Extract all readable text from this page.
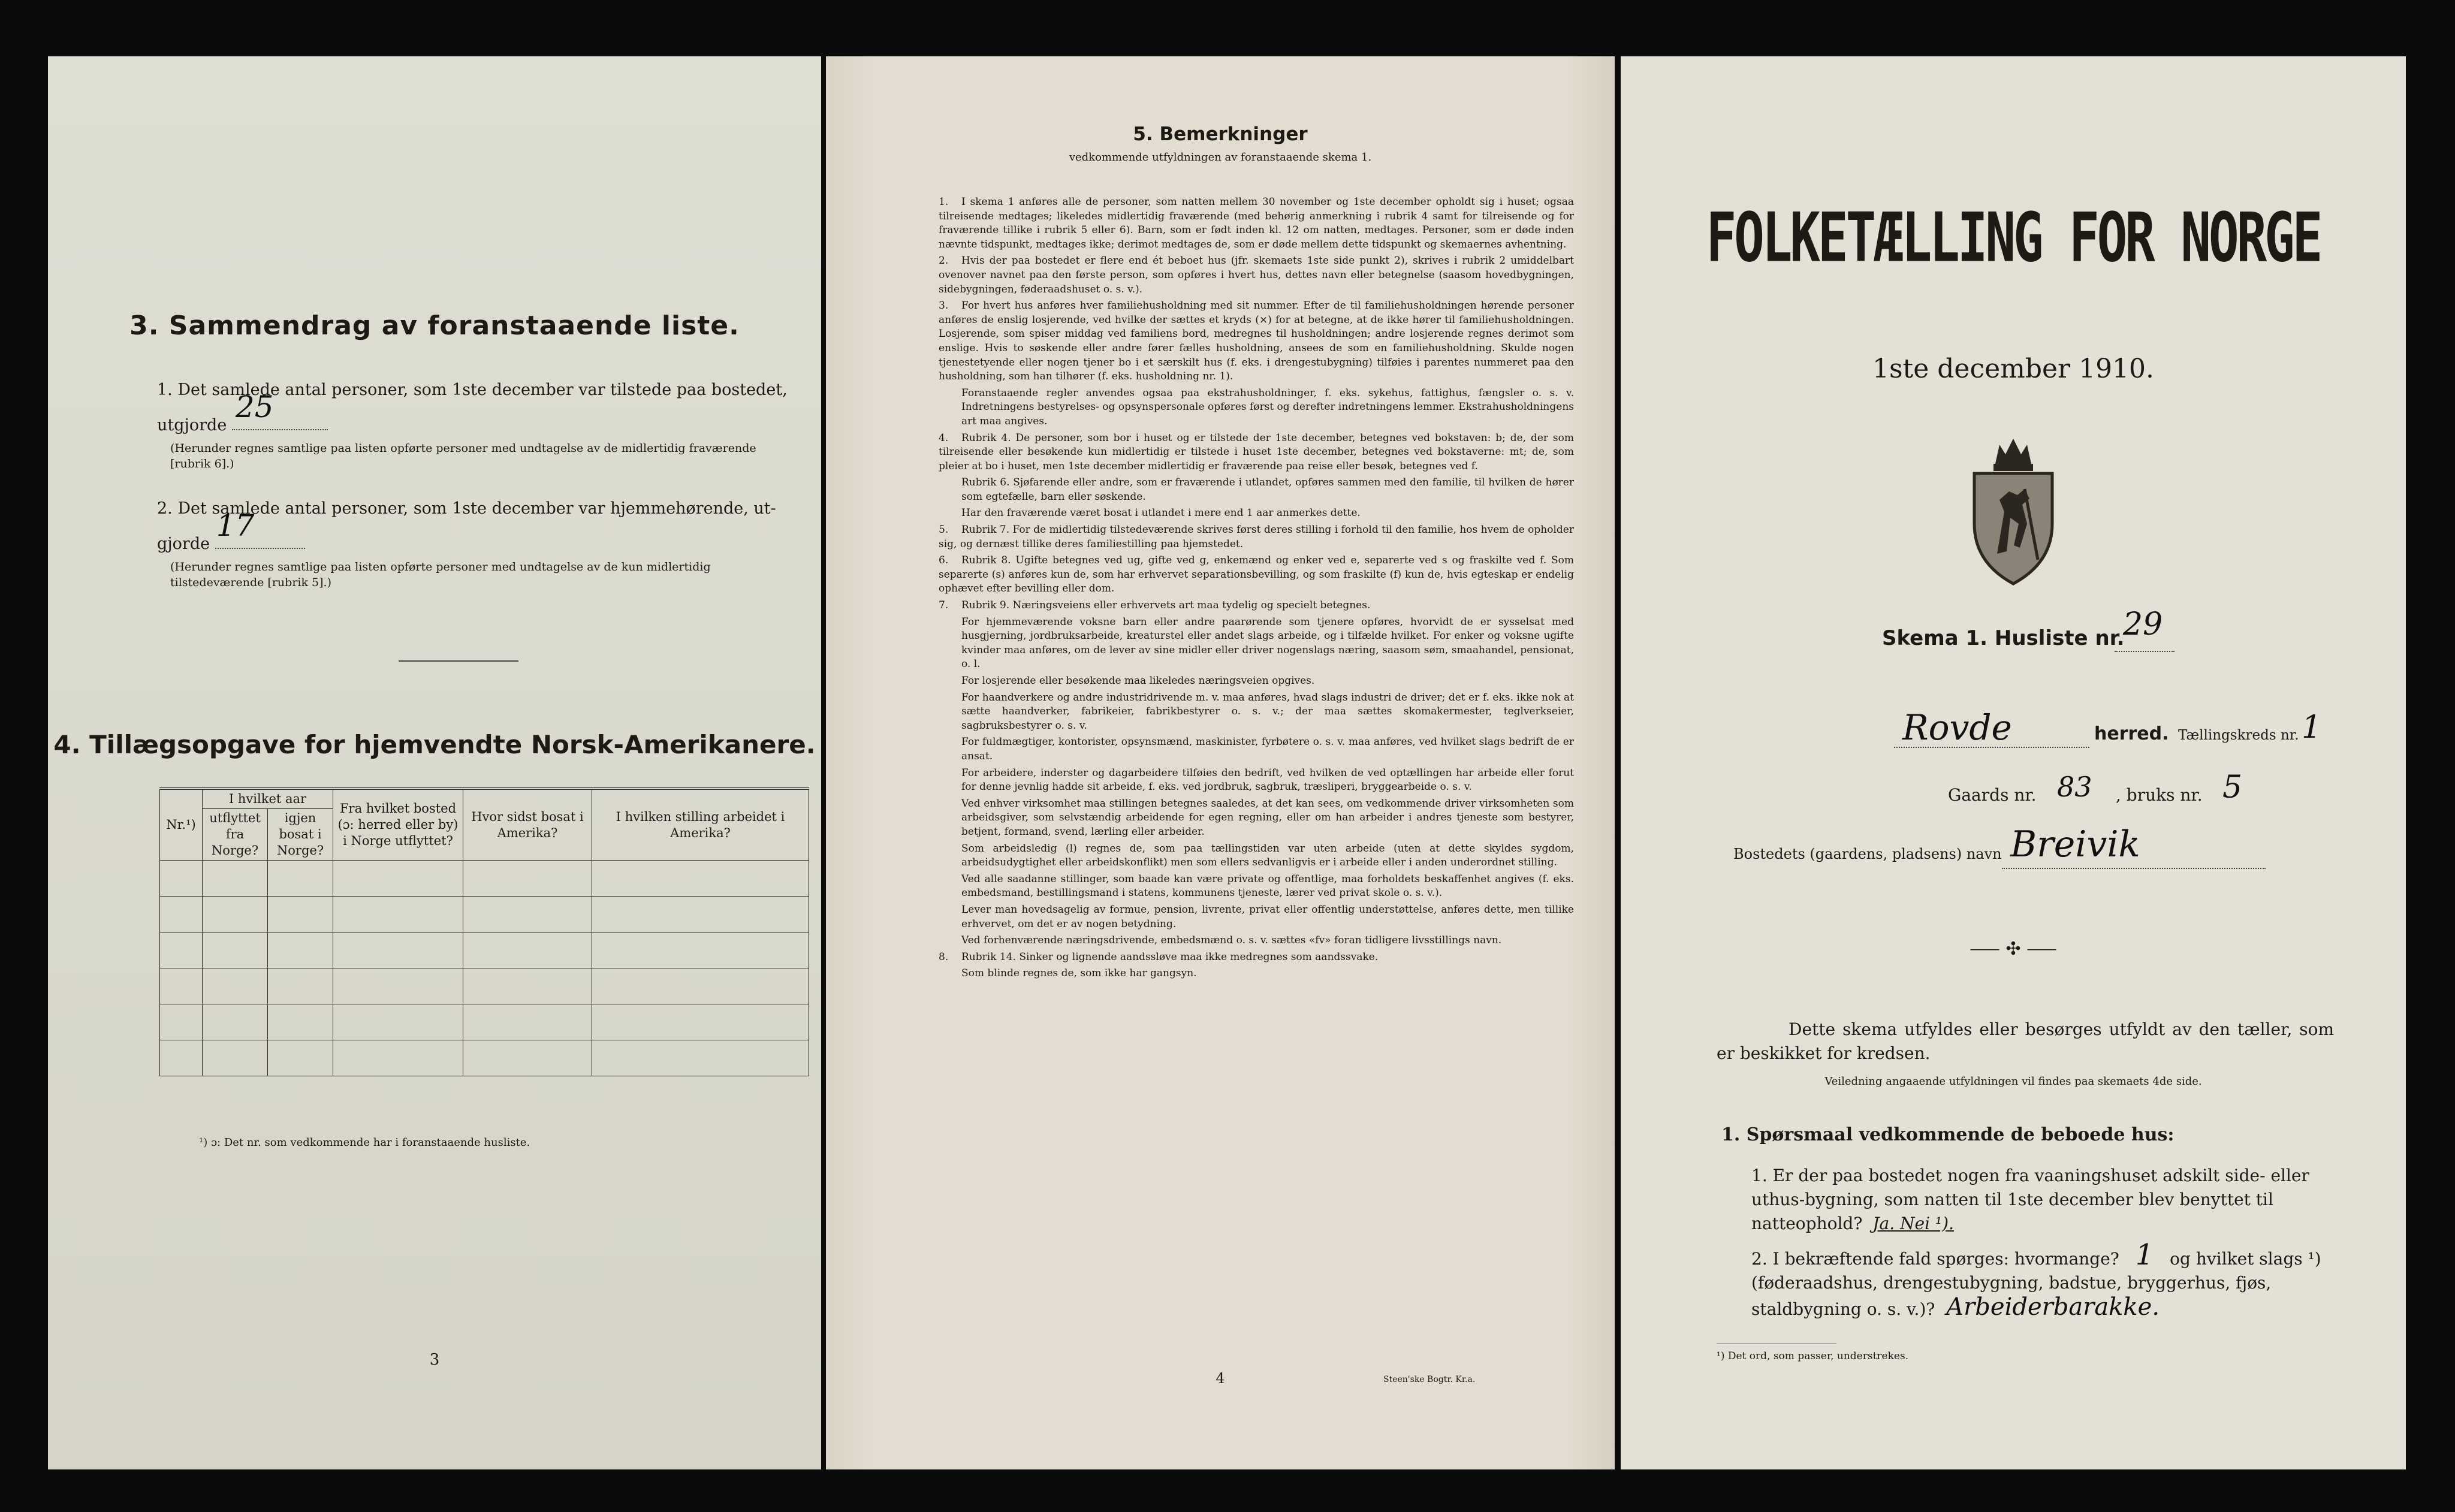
3. Sammendrag av foranstaaende liste.
1. Det samlede antal personer, som 1ste december var tilstede paa bostedet,
utgjorde
25
(Herunder regnes samtlige paa listen opførte personer med undtagelse av de midlertidig fraværende [rubrik 6].)
2. Det samlede antal personer, som 1ste december var hjemmehørende, ut-
gjorde
17
(Herunder regnes samtlige paa listen opførte personer med undtagelse av de kun midlertidig tilstedeværende [rubrik 5].)
4. Tillægsopgave for hjemvendte Norsk-Amerikanere.
Nr.¹)	I hvilket aar		Fra hvilket bosted (ɔ: herred eller by) i Norge utflyttet?	Hvor sidst bosat i Amerika?	I hvilken stilling arbeidet i Amerika?
	utflyttet fra Norge?	igjen bosat i Norge?			

¹) ɔ: Det nr. som vedkommende har i foranstaaende husliste.
3
5. Bemerkninger
vedkommende utfyldningen av foranstaaende skema 1.

1. I skema 1 anføres alle de personer, som natten mellem 30 november og 1ste december opholdt sig i huset; ogsaa tilreisende medtages; likeledes midlertidig fraværende (med behørig anmerkning i rubrik 4 samt for tilreisende og for fraværende tillike i rubrik 5 eller 6). Barn, som er født inden kl. 12 om natten, medtages. Personer, som er døde inden nævnte tidspunkt, medtages ikke; derimot medtages de, som er døde mellem dette tidspunkt og skemaernes avhentning.

2. Hvis der paa bostedet er flere end ét beboet hus (jfr. skemaets 1ste side punkt 2), skrives i rubrik 2 umiddelbart ovenover navnet paa den første person, som opføres i hvert hus, dettes navn eller betegnelse (saasom hovedbygningen, sidebygningen, føderaadshuset o. s. v.).

3. For hvert hus anføres hver familiehusholdning med sit nummer. Efter de til familiehusholdningen hørende personer anføres de enslig losjerende, ved hvilke der sættes et kryds (×) for at betegne, at de ikke hører til familiehusholdningen. Losjerende, som spiser middag ved familiens bord, medregnes til husholdningen; andre losjerende regnes derimot som enslige. Hvis to søskende eller andre fører fælles husholdning, ansees de som en familiehusholdning. Skulde nogen tjenestetyende eller nogen tjener bo i et særskilt hus (f. eks. i drengestubygning) tilføies i parentes nummeret paa den husholdning, som han tilhører (f. eks. husholdning nr. 1).

Foranstaaende regler anvendes ogsaa paa ekstrahusholdninger, f. eks. sykehus, fattighus, fængsler o. s. v. Indretningens bestyrelses- og opsynspersonale opføres først og derefter indretningens lemmer. Ekstrahusholdningens art maa angives.

4. Rubrik 4. De personer, som bor i huset og er tilstede der 1ste december, betegnes ved bokstaven: b; de, der som tilreisende eller besøkende kun midlertidig er tilstede i huset 1ste december, betegnes ved bokstaverne: mt; de, som pleier at bo i huset, men 1ste december midlertidig er fraværende paa reise eller besøk, betegnes ved f.

Rubrik 6. Sjøfarende eller andre, som er fraværende i utlandet, opføres sammen med den familie, til hvilken de hører som egtefælle, barn eller søskende.

Har den fraværende været bosat i utlandet i mere end 1 aar anmerkes dette.

5. Rubrik 7. For de midlertidig tilstedeværende skrives først deres stilling i forhold til den familie, hos hvem de opholder sig, og dernæst tillike deres familiestilling paa hjemstedet.

6. Rubrik 8. Ugifte betegnes ved ug, gifte ved g, enkemænd og enker ved e, separerte ved s og fraskilte ved f. Som separerte (s) anføres kun de, som har erhvervet separationsbevilling, og som fraskilte (f) kun de, hvis egteskap er endelig ophævet efter bevilling eller dom.

7. Rubrik 9. Næringsveiens eller erhvervets art maa tydelig og specielt betegnes.

For hjemmeværende voksne barn eller andre paarørende som tjenere opføres, hvorvidt de er sysselsat med husgjerning, jordbruksarbeide, kreaturstel eller andet slags arbeide, og i tilfælde hvilket. For enker og voksne ugifte kvinder maa anføres, om de lever av sine midler eller driver nogenslags næring, saasom søm, smaahandel, pensionat, o. l.

For losjerende eller besøkende maa likeledes næringsveien opgives.

For haandverkere og andre industridrivende m. v. maa anføres, hvad slags industri de driver; det er f. eks. ikke nok at sætte haandverker, fabrikeier, fabrikbestyrer o. s. v.; der maa sættes skomakermester, teglverkseier, sagbruksbestyrer o. s. v.

For fuldmægtiger, kontorister, opsynsmænd, maskinister, fyrbøtere o. s. v. maa anføres, ved hvilket slags bedrift de er ansat.

For arbeidere, inderster og dagarbeidere tilføies den bedrift, ved hvilken de ved optællingen har arbeide eller forut for denne jevnlig hadde sit arbeide, f. eks. ved jordbruk, sagbruk, træsliperi, bryggearbeide o. s. v.

Ved enhver virksomhet maa stillingen betegnes saaledes, at det kan sees, om vedkommende driver virksomheten som arbeidsgiver, som selvstændig arbeidende for egen regning, eller om han arbeider i andres tjeneste som bestyrer, betjent, formand, svend, lærling eller arbeider.

Som arbeidsledig (l) regnes de, som paa tællingstiden var uten arbeide (uten at dette skyldes sygdom, arbeidsudygtighet eller arbeidskonflikt) men som ellers sedvanligvis er i arbeide eller i anden underordnet stilling.

Ved alle saadanne stillinger, som baade kan være private og offentlige, maa forholdets beskaffenhet angives (f. eks. embedsmand, bestillingsmand i statens, kommunens tjeneste, lærer ved privat skole o. s. v.).

Lever man hovedsagelig av formue, pension, livrente, privat eller offentlig understøttelse, anføres dette, men tillike erhvervet, om det er av nogen betydning.

Ved forhenværende næringsdrivende, embedsmænd o. s. v. sættes «fv» foran tidligere livsstillings navn.

8. Rubrik 14. Sinker og lignende aandssløve maa ikke medregnes som aandssvake.

Som blinde regnes de, som ikke har gangsyn.

4	Steen'ske Bogtr. Kr.a.
FOLKETÆLLING FOR NORGE
1ste december 1910.
Skema 1. Husliste nr.
29
Rovde	herred. Tællingskreds nr. 1
Gaards nr. 83 , bruks nr. 5
Bostedets (gaardens, pladsens) navn Breivik
⸺ ✣ ⸺
Dette skema utfyldes eller besørges utfyldt av den tæller, som er beskikket for kredsen.
Veiledning angaaende utfyldningen vil findes paa skemaets 4de side.
1. Spørsmaal vedkommende de beboede hus:
1. Er der paa bostedet nogen fra vaaningshuset adskilt side- eller uthus-bygning, som natten til 1ste december blev benyttet til natteophold? Ja. Nei ¹).
2. I bekræftende fald spørges: hvormange? 1 og hvilket slags ¹) (føderaadshus, drengestubygning, badstue, bryggerhus, fjøs, staldbygning o. s. v.)? Arbeiderbarakke.
¹) Det ord, som passer, understrekes.
